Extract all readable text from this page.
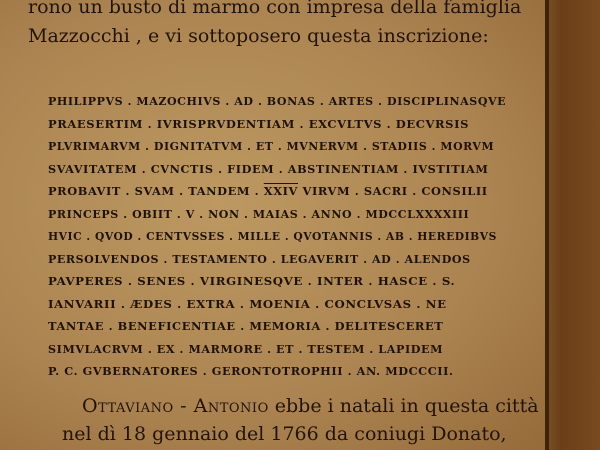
rono un busto di marmo con impresa della famiglia
Mazzocchi , e vi sottoposero questa inscrizione:
PHILIPPVS . MAZOCHIVS . AD . BONAS . ARTES . DISCIPLINASQVE
PRAESERTIM . IVRISPRVDENTIAM . EXCVLTVS . DECVRSIS
PLVRIMARVM . DIGNITATVM . ET . MVNERVM . STADIIS . MORVM
SVAVITATEM . CVNCTIS . FIDEM . ABSTINENTIAM . IVSTITIAM
PROBAVIT . SVAM . TANDEM . XXIV VIRVM . SACRI . CONSILII
PRINCEPS . OBIIT . V . NON . MAIAS . ANNO . MDCCLXXXXIII
HVIC . QVOD . CENTVSSES . MILLE . QVOTANNIS . AB . HEREDIBVS
PERSOLVENDOS . TESTAMENTO . LEGAVERIT . AD . ALENDOS
PAVPERES . SENES . VIRGINESQVE . INTER . HASCE . S.
IANVARII . ÆDES . EXTRA . MOENIA . CONCLVSAS . NE
TANTAE . BENEFICENTIAE . MEMORIA . DELITESCERET
SIMVLACRVM . EX . MARMORE . ET . TESTEM . LAPIDEM
P. C. GVBERNATORES . GERONTOTROPHII . AN. MDCCCII.
Ottaviano - Antonio ebbe i natali in questa città
nel dì 18 gennaio del 1766 da coniugi Donato,
